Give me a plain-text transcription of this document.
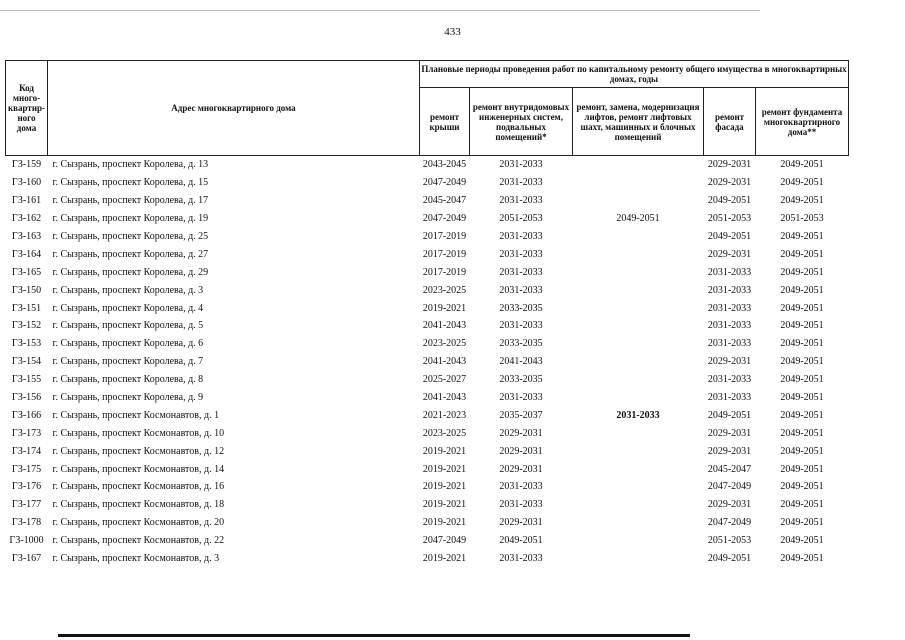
433
Код много-квартир-ного дома	Адрес многоквартирного дома	Плановые периоды проведения работ по капитальному ремонту общего имущества в многоквартирных домах, годы				
		ремонт крыши	ремонт внутридомовых инженерных систем, подвальных помещений*	ремонт, замена, модернизация лифтов, ремонт лифтовых шахт, машинных и блочных помещений	ремонт фасада	ремонт фундамента многоквартирного дома**
ГЗ-159	г. Сызрань, проспект Королева, д. 13	2043-2045	2031-2033		2029-2031	2049-2051
ГЗ-160	г. Сызрань, проспект Королева, д. 15	2047-2049	2031-2033		2029-2031	2049-2051
ГЗ-161	г. Сызрань, проспект Королева, д. 17	2045-2047	2031-2033		2049-2051	2049-2051
ГЗ-162	г. Сызрань, проспект Королева, д. 19	2047-2049	2051-2053	2049-2051	2051-2053	2051-2053
ГЗ-163	г. Сызрань, проспект Королева, д. 25	2017-2019	2031-2033		2049-2051	2049-2051
ГЗ-164	г. Сызрань, проспект Королева, д. 27	2017-2019	2031-2033		2029-2031	2049-2051
ГЗ-165	г. Сызрань, проспект Королева, д. 29	2017-2019	2031-2033		2031-2033	2049-2051
ГЗ-150	г. Сызрань, проспект Королева, д. 3	2023-2025	2031-2033		2031-2033	2049-2051
ГЗ-151	г. Сызрань, проспект Королева, д. 4	2019-2021	2033-2035		2031-2033	2049-2051
ГЗ-152	г. Сызрань, проспект Королева, д. 5	2041-2043	2031-2033		2031-2033	2049-2051
ГЗ-153	г. Сызрань, проспект Королева, д. 6	2023-2025	2033-2035		2031-2033	2049-2051
ГЗ-154	г. Сызрань, проспект Королева, д. 7	2041-2043	2041-2043		2029-2031	2049-2051
ГЗ-155	г. Сызрань, проспект Королева, д. 8	2025-2027	2033-2035		2031-2033	2049-2051
ГЗ-156	г. Сызрань, проспект Королева, д. 9	2041-2043	2031-2033		2031-2033	2049-2051
ГЗ-166	г. Сызрань, проспект Космонавтов, д. 1	2021-2023	2035-2037	2031-2033	2049-2051	2049-2051
ГЗ-173	г. Сызрань, проспект Космонавтов, д. 10	2023-2025	2029-2031		2029-2031	2049-2051
ГЗ-174	г. Сызрань, проспект Космонавтов, д. 12	2019-2021	2029-2031		2029-2031	2049-2051
ГЗ-175	г. Сызрань, проспект Космонавтов, д. 14	2019-2021	2029-2031		2045-2047	2049-2051
ГЗ-176	г. Сызрань, проспект Космонавтов, д. 16	2019-2021	2031-2033		2047-2049	2049-2051
ГЗ-177	г. Сызрань, проспект Космонавтов, д. 18	2019-2021	2031-2033		2029-2031	2049-2051
ГЗ-178	г. Сызрань, проспект Космонавтов, д. 20	2019-2021	2029-2031		2047-2049	2049-2051
ГЗ-1000	г. Сызрань, проспект Космонавтов, д. 22	2047-2049	2049-2051		2051-2053	2049-2051
ГЗ-167	г. Сызрань, проспект Космонавтов, д. 3	2019-2021	2031-2033		2049-2051	2049-2051
